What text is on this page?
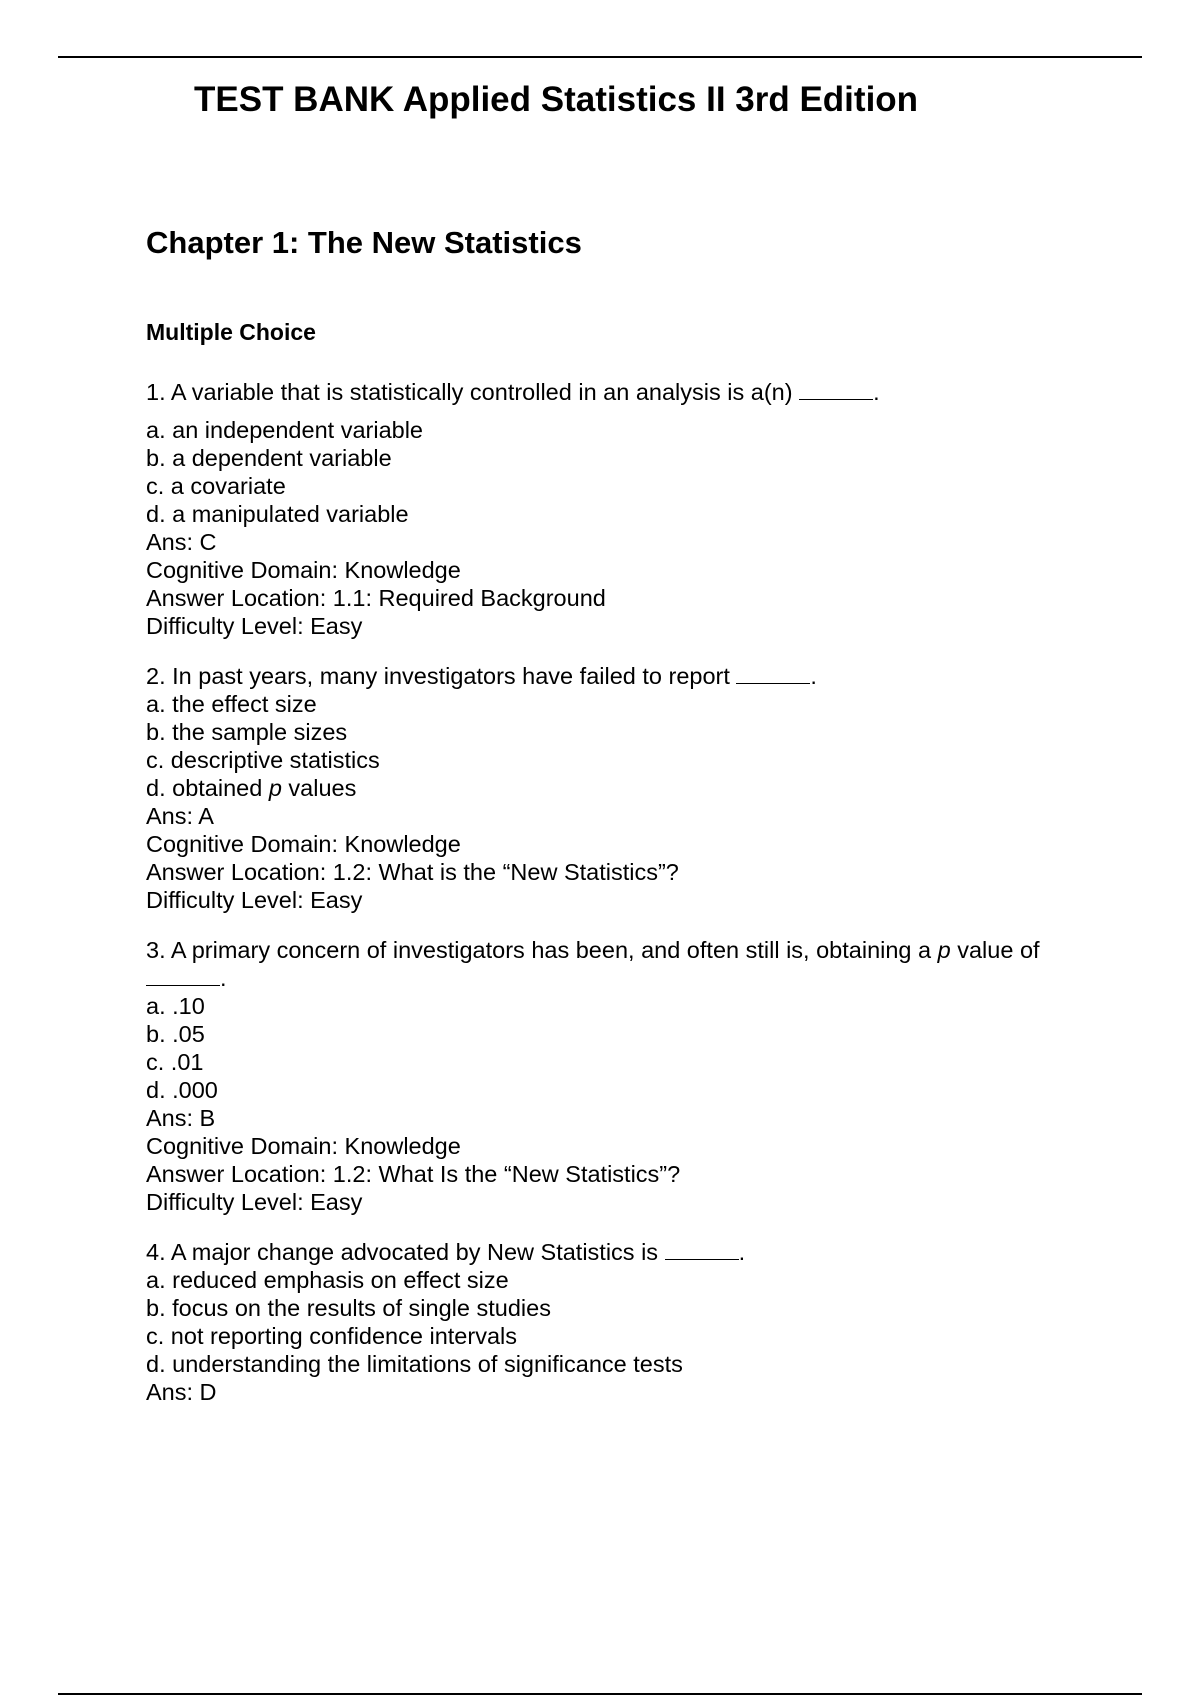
TEST BANK Applied Statistics II 3rd Edition
Chapter 1: The New Statistics
Multiple Choice

1. A variable that is statistically controlled in an analysis is a(n)	.

a. an independent variable

b. a dependent variable

c. a covariate

d. a manipulated variable

Ans: C

Cognitive Domain: Knowledge

Answer Location: 1.1: Required Background

Difficulty Level: Easy

2. In past years, many investigators have failed to report	.

a. the effect size

b. the sample sizes

c. descriptive statistics

d. obtained p values

Ans: A

Cognitive Domain: Knowledge

Answer Location: 1.2: What is the “New Statistics”?

Difficulty Level: Easy

3. A primary concern of investigators has been, and often still is, obtaining a p value of

.

a. .10

b. .05

c. .01

d. .000

Ans: B

Cognitive Domain: Knowledge

Answer Location: 1.2: What Is the “New Statistics”?

Difficulty Level: Easy

4. A major change advocated by New Statistics is	.

a. reduced emphasis on effect size

b. focus on the results of single studies

c. not reporting confidence intervals

d. understanding the limitations of significance tests

Ans: D
